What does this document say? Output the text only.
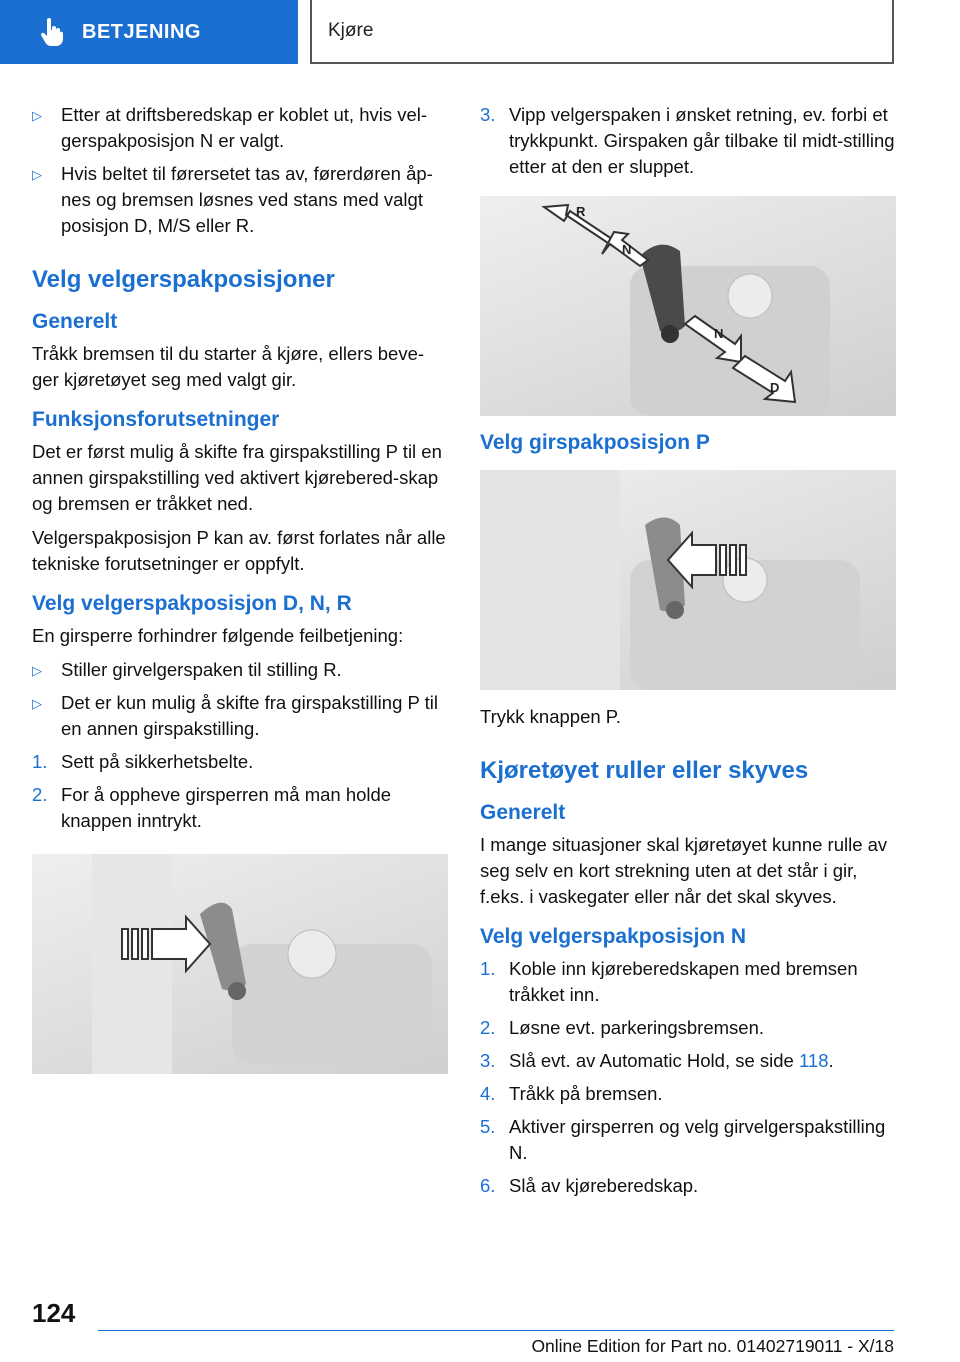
BETJENING	Kjøre
▷ Etter at driftsberedskap er koblet ut, hvis vel-gerspakposisjon N er valgt.
▷ Hvis beltet til førersetet tas av, førerdøren åp-nes og bremsen løsnes ved stans med valgt posisjon D, M/S eller R.
Velg velgerspakposisjoner
Generelt

Tråkk bremsen til du starter å kjøre, ellers beve-ger kjøretøyet seg med valgt gir.

Funksjonsforutsetninger

Det er først mulig å skifte fra girspakstilling P til en annen girspakstilling ved aktivert kjørebered-skap og bremsen er tråkket ned.

Velgerspakposisjon P kan av. først forlates når alle tekniske forutsetninger er oppfylt.

Velg velgerspakposisjon D, N, R

En girsperre forhindrer følgende feilbetjening:

▷ Stiller girvelgerspaken til stilling R.
▷ Det er kun mulig å skifte fra girspakstilling P til en annen girspakstilling.
1. Sett på sikkerhetsbelte.
2. For å oppheve girsperren må man holde knappen inntrykt.
3. Vipp velgerspaken i ønsket retning, ev. forbi et trykkpunkt. Girspaken går tilbake til midt-stilling etter at den er sluppet.
R
N
N
D
Velg girspakposisjon P

Trykk knappen P.

Kjøretøyet ruller eller skyves
Generelt

I mange situasjoner skal kjøretøyet kunne rulle av seg selv en kort strekning uten at det står i gir, f.eks. i vaskegater eller når det skal skyves.

Velg velgerspakposisjon N
1. Koble inn kjøreberedskapen med bremsen tråkket inn.
2. Løsne evt. parkeringsbremsen.
3. Slå evt. av Automatic Hold, se side 118.
4. Tråkk på bremsen.
5. Aktiver girsperren og velg girvelgerspakstilling N.
6. Slå av kjøreberedskap.
124
Online Edition for Part no. 01402719011 - X/18
